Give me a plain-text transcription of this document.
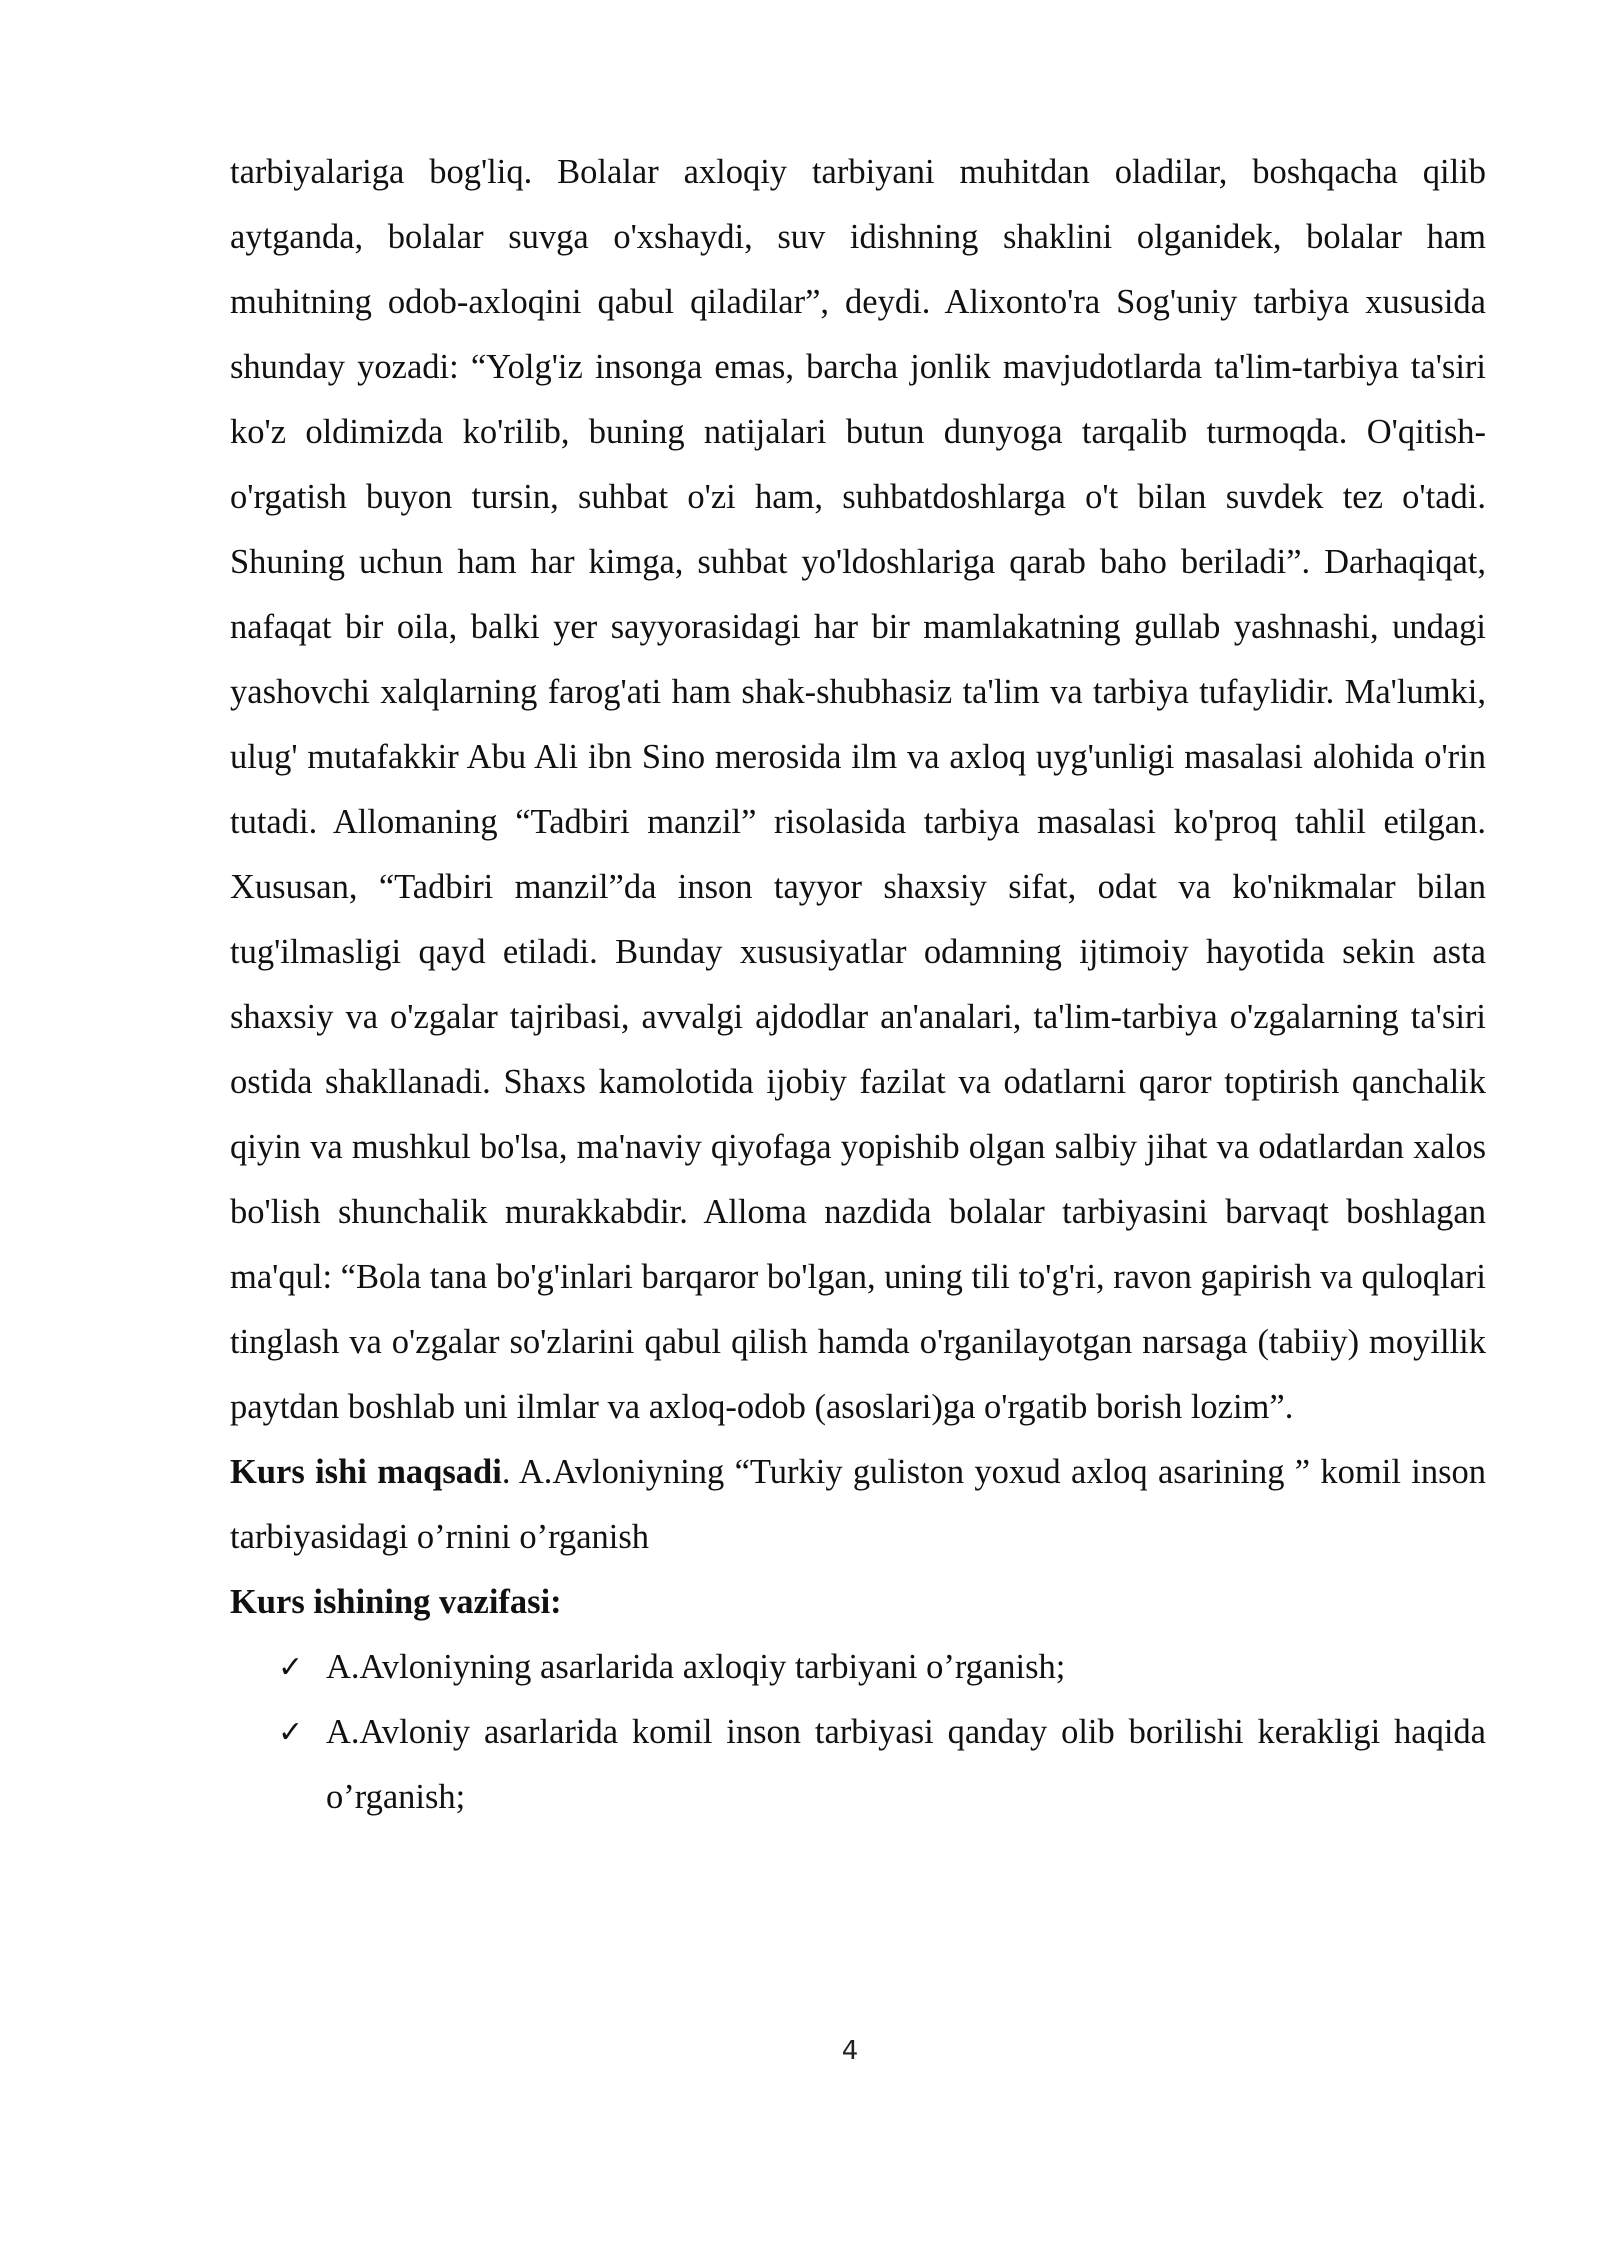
tarbiyalariga bog'liq. Bolalar axloqiy tarbiyani muhitdan oladilar, boshqacha qilib aytganda, bolalar suvga o'xshaydi, suv idishning shaklini olganidek, bolalar ham muhitning odob-axloqini qabul qiladilar”, deydi. Alixonto'ra Sog'uniy tarbiya xususida shunday yozadi: “Yolg'iz insonga emas, barcha jonlik mavjudotlarda ta'lim-tarbiya ta'siri ko'z oldimizda ko'rilib, buning natijalari butun dunyoga tarqalib turmoqda. O'qitish-o'rgatish buyon tursin, suhbat o'zi ham, suhbatdoshlarga o't bilan suvdek tez o'tadi. Shuning uchun ham har kimga, suhbat yo'ldoshlariga qarab baho beriladi”. Darhaqiqat, nafaqat bir oila, balki yer sayyorasidagi har bir mamlakatning gullab yashnashi, undagi yashovchi xalqlarning farog'ati ham shak-shubhasiz ta'lim va tarbiya tufaylidir. Ma'lumki, ulug' mutafakkir Abu Ali ibn Sino merosida ilm va axloq uyg'unligi masalasi alohida o'rin tutadi. Allomaning “Tadbiri manzil” risolasida tarbiya masalasi ko'proq tahlil etilgan. Xususan, “Tadbiri manzil”da inson tayyor shaxsiy sifat, odat va ko'nikmalar bilan tug'ilmasligi qayd etiladi. Bunday xususiyatlar odamning ijtimoiy hayotida sekin asta shaxsiy va o'zgalar tajribasi, avvalgi ajdodlar an'analari, ta'lim-tarbiya o'zgalarning ta'siri ostida shakllanadi. Shaxs kamolotida ijobiy fazilat va odatlarni qaror toptirish qanchalik qiyin va mushkul bo'lsa, ma'naviy qiyofaga yopishib olgan salbiy jihat va odatlardan xalos bo'lish shunchalik murakkabdir. Alloma nazdida bolalar tarbiyasini barvaqt boshlagan ma'qul: “Bola tana bo'g'inlari barqaror bo'lgan, uning tili to'g'ri, ravon gapirish va quloqlari tinglash va o'zgalar so'zlarini qabul qilish hamda o'rganilayotgan narsaga (tabiiy) moyillik paytdan boshlab uni ilmlar va axloq-odob (asoslari)ga o'rgatib borish lozim”.

Kurs ishi maqsadi. A.Avloniyning “Turkiy guliston yoxud axloq asarining ” komil inson tarbiyasidagi o’rnini o’rganish

Kurs ishining vazifasi:

✓ A.Avloniyning asarlarida axloqiy tarbiyani o’rganish;
✓ A.Avloniy asarlarida komil inson tarbiyasi qanday olib borilishi kerakligi haqida o’rganish;
4
